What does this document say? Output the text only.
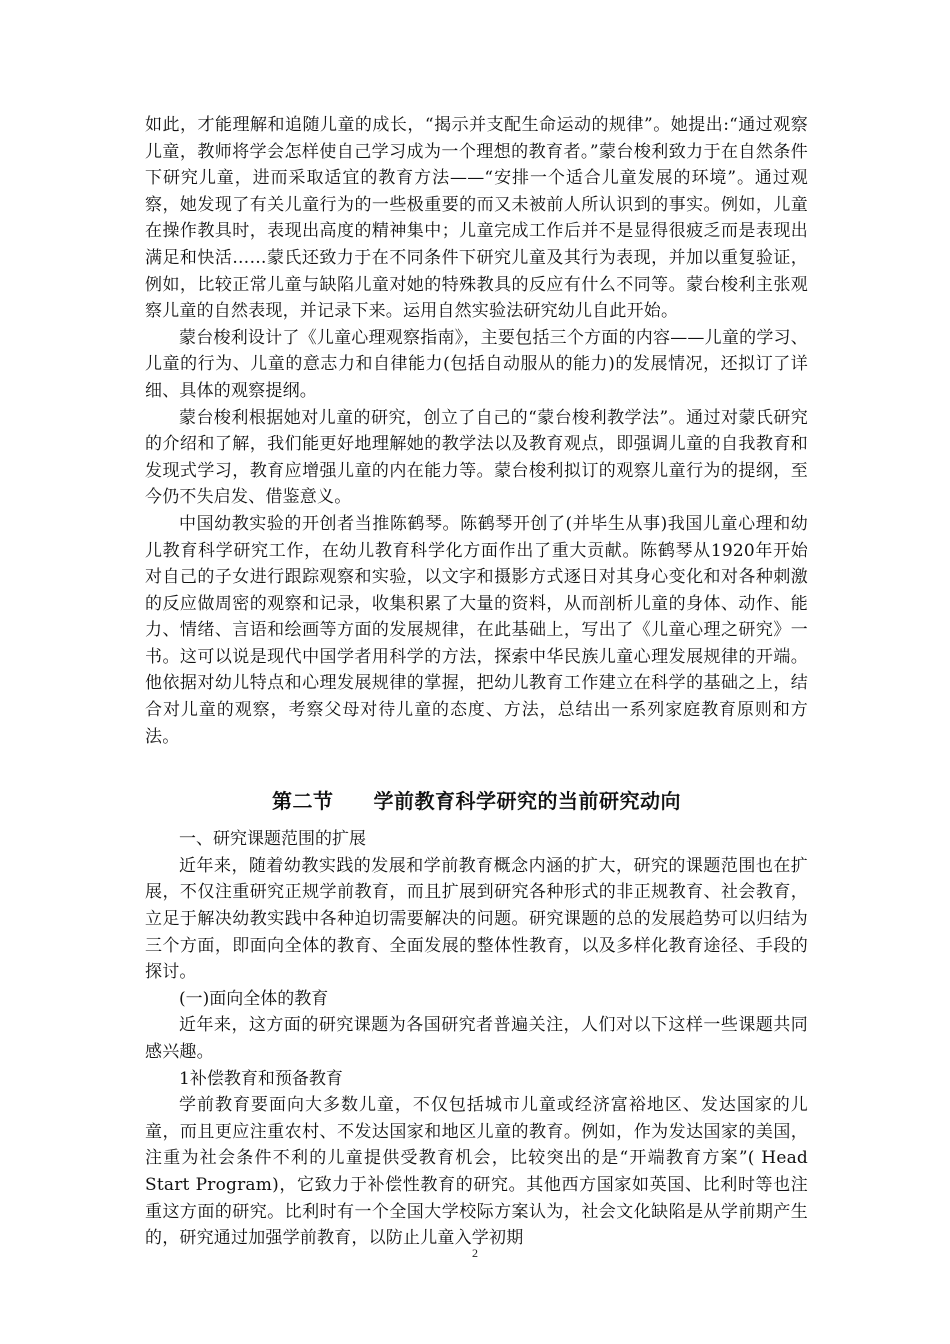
如此，才能理解和追随儿童的成长，“揭示并支配生命运动的规律”。她提出:“通过观察儿童，教师将学会怎样使自己学习成为一个理想的教育者。”蒙台梭利致力于在自然条件下研究儿童，进而采取适宜的教育方法——“安排一个适合儿童发展的环境”。通过观察，她发现了有关儿童行为的一些极重要的而又未被前人所认识到的事实。例如，儿童在操作教具时，表现出高度的精神集中；儿童完成工作后并不是显得很疲乏而是表现出满足和快活……蒙氏还致力于在不同条件下研究儿童及其行为表现，并加以重复验证，例如，比较正常儿童与缺陷儿童对她的特殊教具的反应有什么不同等。蒙台梭利主张观察儿童的自然表现，并记录下来。运用自然实验法研究幼儿自此开始。

蒙台梭利设计了《儿童心理观察指南》，主要包括三个方面的内容——儿童的学习、儿童的行为、儿童的意志力和自律能力(包括自动服从的能力)的发展情况，还拟订了详细、具体的观察提纲。

蒙台梭利根据她对儿童的研究，创立了自己的“蒙台梭利教学法”。通过对蒙氏研究的介绍和了解，我们能更好地理解她的教学法以及教育观点，即强调儿童的自我教育和发现式学习，教育应增强儿童的内在能力等。蒙台梭利拟订的观察儿童行为的提纲，至今仍不失启发、借鉴意义。

中国幼教实验的开创者当推陈鹤琴。陈鹤琴开创了(并毕生从事)我国儿童心理和幼儿教育科学研究工作，在幼儿教育科学化方面作出了重大贡献。陈鹤琴从1920年开始对自己的子女进行跟踪观察和实验，以文字和摄影方式逐日对其身心变化和对各种刺激的反应做周密的观察和记录，收集积累了大量的资料，从而剖析儿童的身体、动作、能力、情绪、言语和绘画等方面的发展规律，在此基础上，写出了《儿童心理之研究》一书。这可以说是现代中国学者用科学的方法，探索中华民族儿童心理发展规律的开端。他依据对幼儿特点和心理发展规律的掌握，把幼儿教育工作建立在科学的基础之上，结合对儿童的观察，考察父母对待儿童的态度、方法，总结出一系列家庭教育原则和方法。

第二节 学前教育科学研究的当前研究动向

一、研究课题范围的扩展

近年来，随着幼教实践的发展和学前教育概念内涵的扩大，研究的课题范围也在扩展，不仅注重研究正规学前教育，而且扩展到研究各种形式的非正规教育、社会教育，立足于解决幼教实践中各种迫切需要解决的问题。研究课题的总的发展趋势可以归结为三个方面，即面向全体的教育、全面发展的整体性教育，以及多样化教育途径、手段的探讨。

(一)面向全体的教育

近年来，这方面的研究课题为各国研究者普遍关注，人们对以下这样一些课题共同感兴趣。

1补偿教育和预备教育

学前教育要面向大多数儿童，不仅包括城市儿童或经济富裕地区、发达国家的儿童，而且更应注重农村、不发达国家和地区儿童的教育。例如，作为发达国家的美国，注重为社会条件不利的儿童提供受教育机会，比较突出的是“开端教育方案”( Head Start Program)，它致力于补偿性教育的研究。其他西方国家如英国、比利时等也注重这方面的研究。比利时有一个全国大学校际方案认为，社会文化缺陷是从学前期产生的，研究通过加强学前教育，以防止儿童入学初期

2
